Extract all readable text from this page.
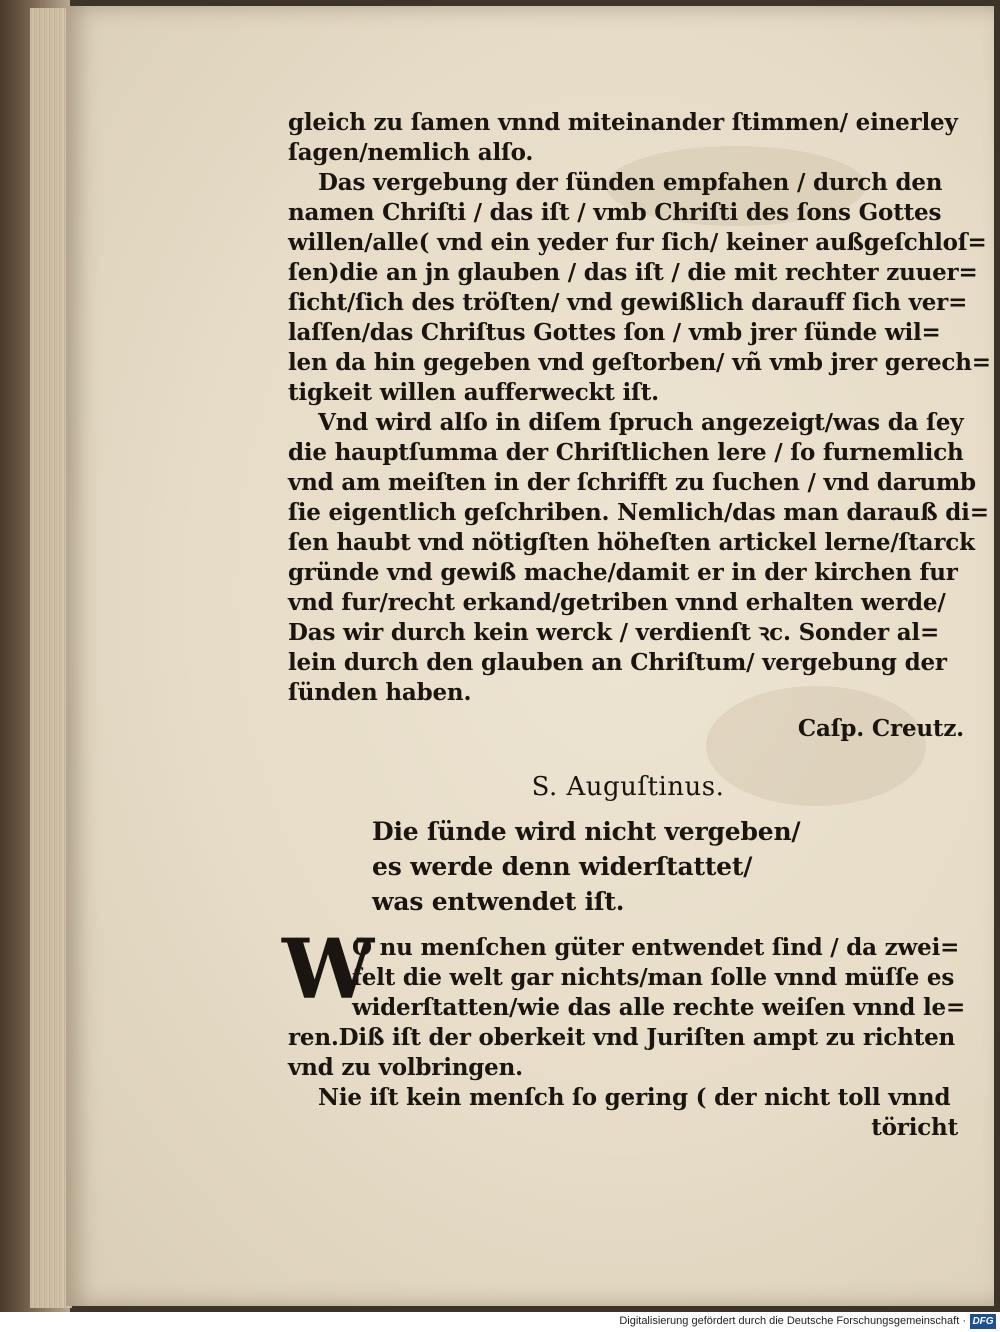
gleich zu ſamen vnnd miteinander ſtimmen/ einerley
ſagen/nemlich alſo.
Das vergebung der ſünden empfahen / durch den
namen Chriſti / das iſt / vmb Chriſti des ſons Gottes
willen/alle( vnd ein yeder fur ſich/ keiner außgeſchloſ=
ſen)die an jn glauben / das iſt / die mit rechter zuuer=
ſicht/ſich des tröſten/ vnd gewißlich darauff ſich ver=
laſſen/das Chriſtus Gottes ſon / vmb jrer ſünde wil=
len da hin gegeben vnd geſtorben/ vñ vmb jrer gerech=
tigkeit willen aufferweckt iſt.
Vnd wird alſo in diſem ſpruch angezeigt/was da ſey
die hauptſumma der Chriſtlichen lere / ſo furnemlich
vnd am meiſten in der ſchrifft zu ſuchen / vnd darumb
ſie eigentlich geſchriben. Nemlich/das man darauß di=
ſen haubt vnd nötigſten höheſten artickel lerne/ſtarck
gründe vnd gewiß mache/damit er in der kirchen fur
vnd fur/recht erkand/getriben vnnd erhalten werde/
Das wir durch kein werck / verdienſt ꝛc. Sonder al=
lein durch den glauben an Chriſtum/ vergebung der
ſünden haben.
Caſp. Creutz.
S. Auguſtinus.
Die ſünde wird nicht vergeben/
es werde denn widerſtattet/
was entwendet iſt.
W
O nu menſchen güter entwendet ſind / da zwei=
felt die welt gar nichts/man ſolle vnnd müſſe es
widerſtatten/wie das alle rechte weiſen vnnd le=
ren.Diß iſt der oberkeit vnd Juriſten ampt zu richten
vnd zu volbringen.
Nie iſt kein menſch ſo gering ( der nicht toll vnnd
töricht
Digitalisierung gefördert durch die Deutsche Forschungsgemeinschaft · DFG
